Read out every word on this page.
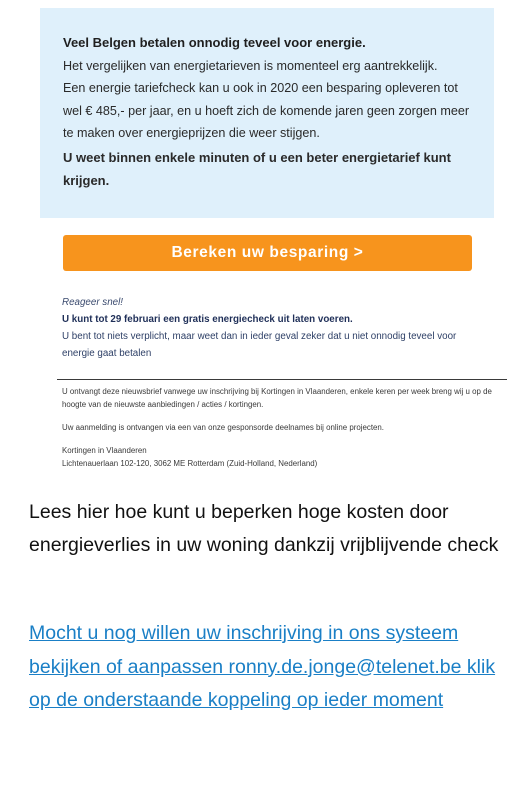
Veel Belgen betalen onnodig teveel voor energie.

Het vergelijken van energietarieven is momenteel erg aantrekkelijk.

Een energie tariefcheck kan u ook in 2020 een besparing opleveren tot wel € 485,- per jaar, en u hoeft zich de komende jaren geen zorgen meer te maken over energieprijzen die weer stijgen.

U weet binnen enkele minuten of u een beter energietarief kunt krijgen.

Bereken uw besparing >
Reageer snel!
U kunt tot 29 februari een gratis energiecheck uit laten voeren.
U bent tot niets verplicht, maar weet dan in ieder geval zeker dat u niet onnodig teveel voor energie gaat betalen

U ontvangt deze nieuwsbrief vanwege uw inschrijving bij Kortingen in Vlaanderen, enkele keren per week breng wij u op de hoogte van de nieuwste aanbiedingen / acties / kortingen.

Uw aanmelding is ontvangen via een van onze gesponsorde deelnames bij online projecten.

Kortingen in Vlaanderen

Lichtenauerlaan 102-120, 3062 ME Rotterdam (Zuid-Holland, Nederland)

Lees hier hoe kunt u beperken hoge kosten door energieverlies in uw woning dankzij vrijblijvende check

Mocht u nog willen uw inschrijving in ons systeem bekijken of aanpassen ronny.de.jonge@telenet.be klik op de onderstaande koppeling op ieder moment
